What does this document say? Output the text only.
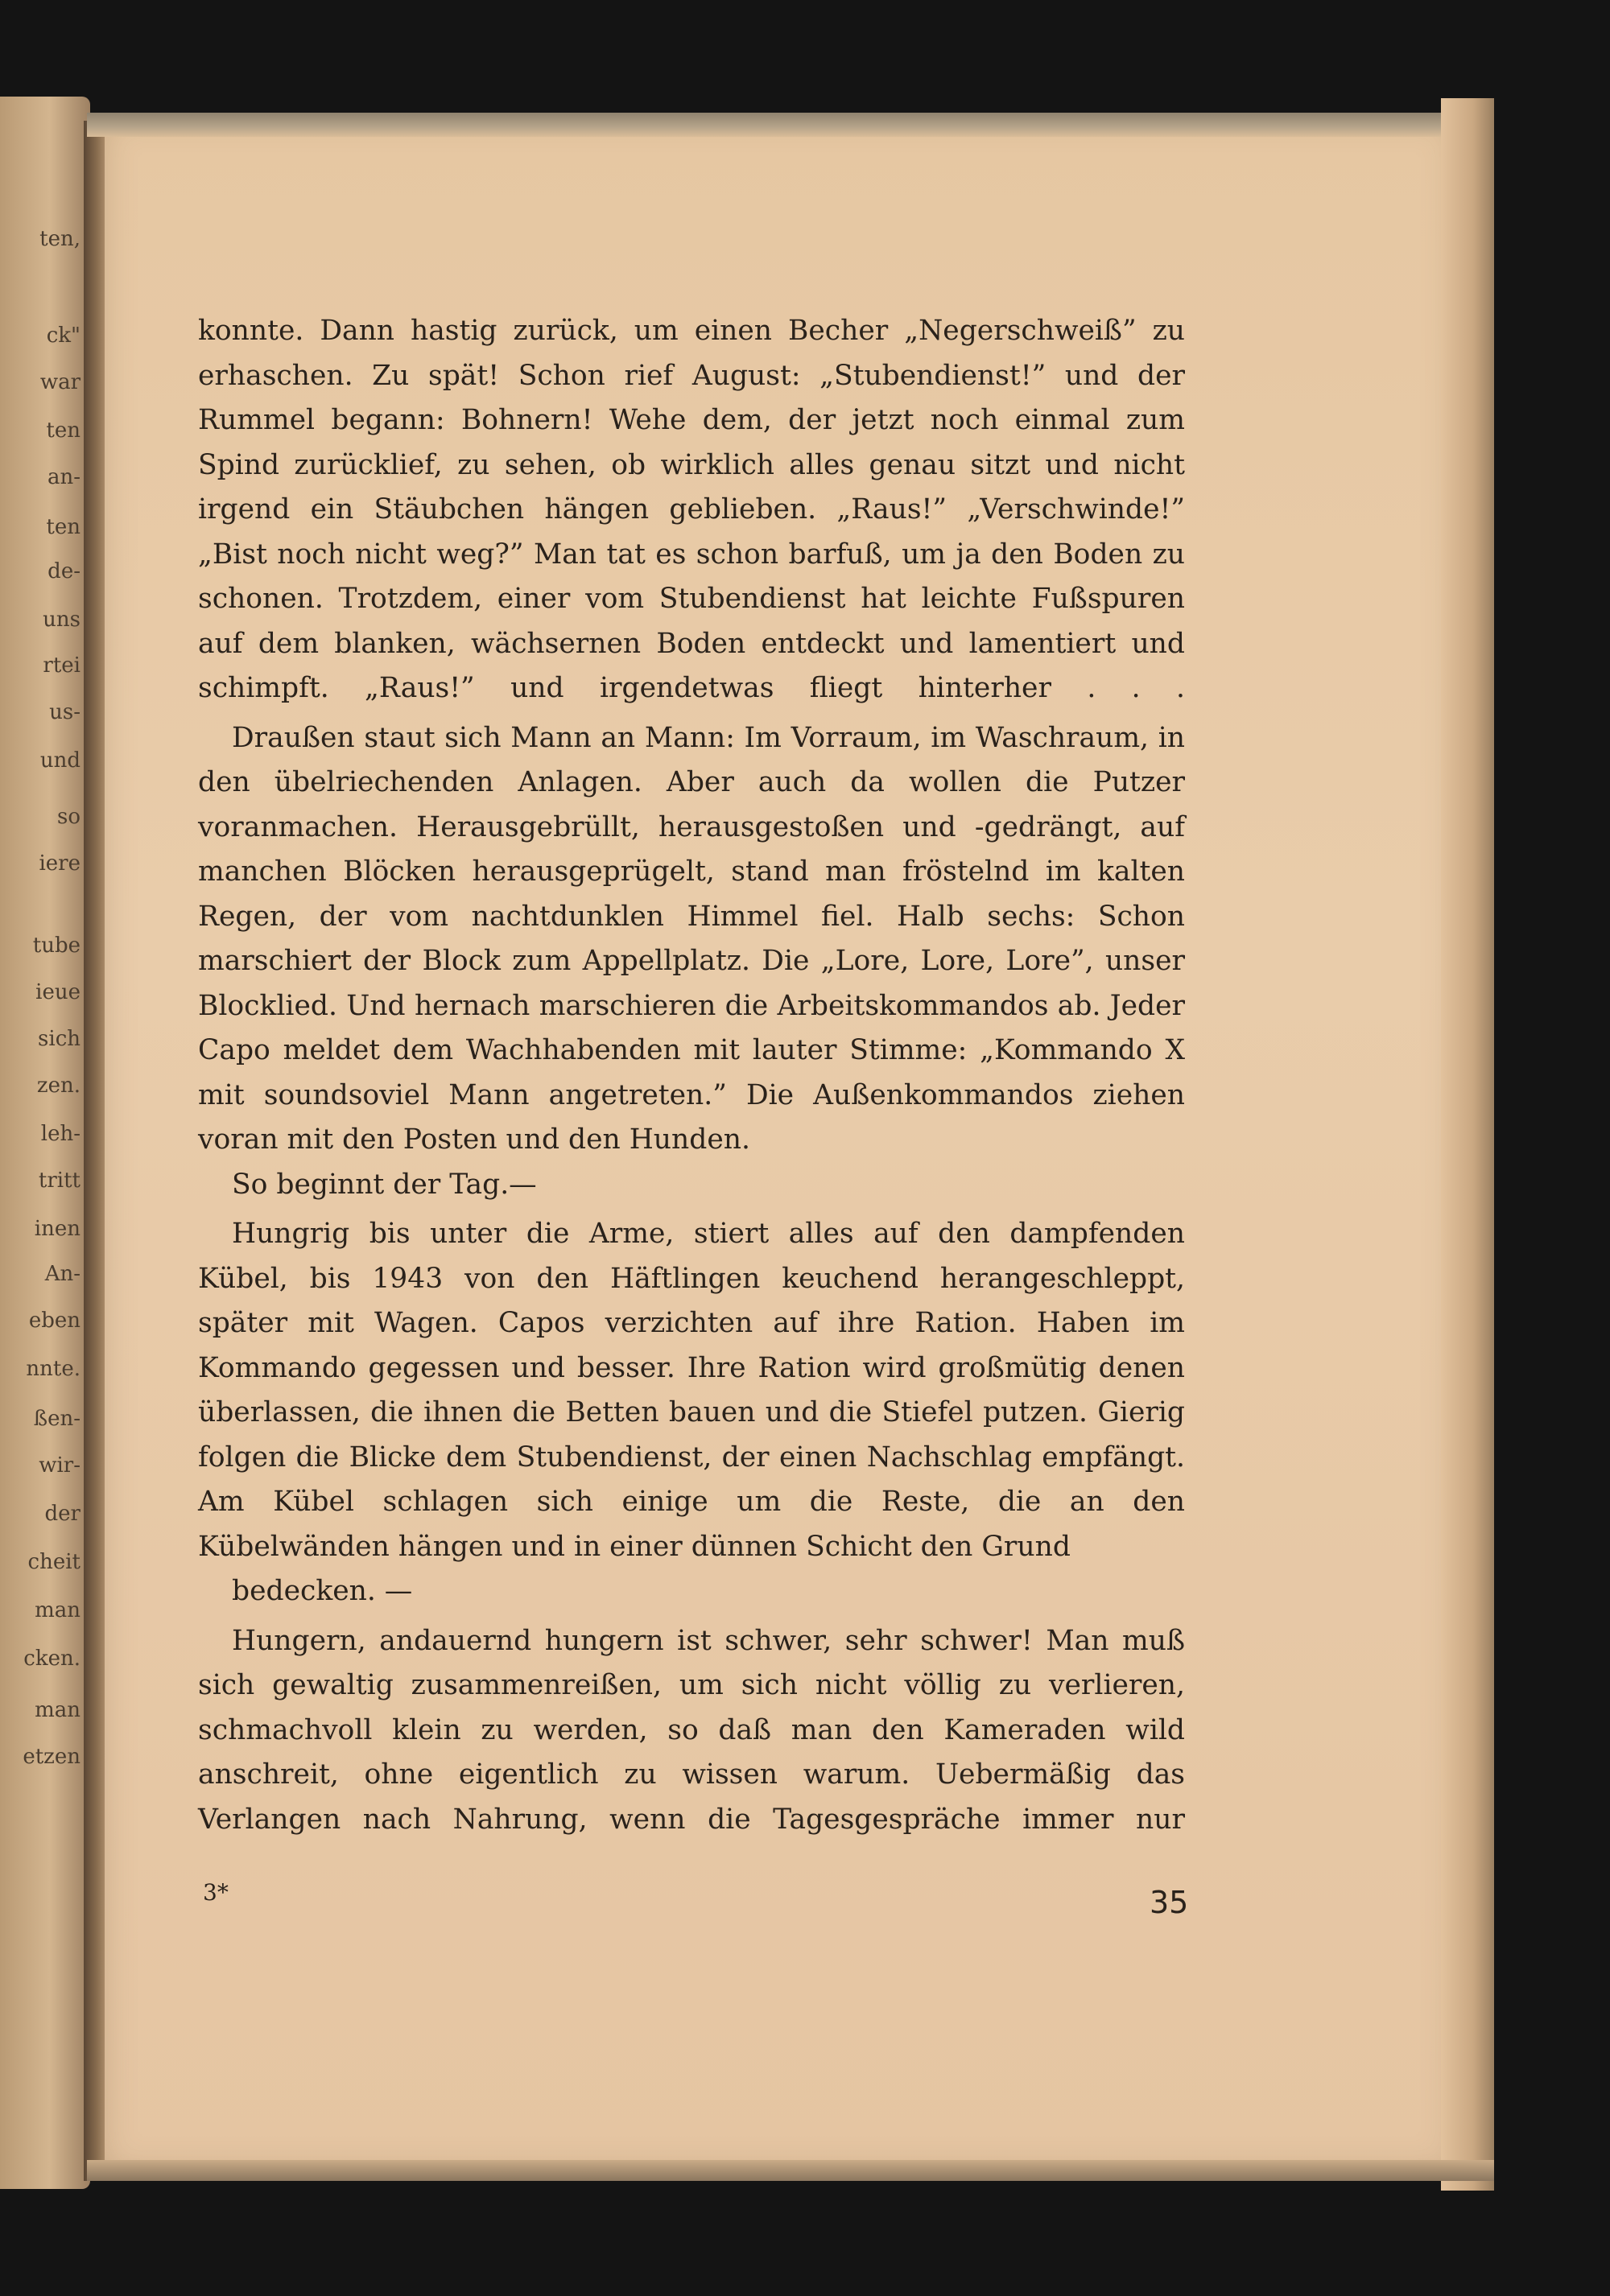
ten,
ck"
war
ten
an-
ten
de-
uns
rtei
us-
und
so
iere
tube
ieue
sich
zen.
leh-
tritt
inen
An-
eben
nnte.
ßen-
wir-
der
cheit
man
cken.
man
etzen

konnte. Dann hastig zurück, um einen Becher „Negerschweiß” zu erhaschen. Zu spät! Schon rief August: „Stubendienst!” und der Rummel begann: Bohnern! Wehe dem, der jetzt noch einmal zum Spind zurücklief, zu sehen, ob wirklich alles genau sitzt und nicht irgend ein Stäubchen hängen geblieben. „Raus!” „Verschwinde!” „Bist noch nicht weg?” Man tat es schon barfuß, um ja den Boden zu schonen. Trotzdem, einer vom Stubendienst hat leichte Fußspuren auf dem blanken, wächsernen Boden entdeckt und lamentiert und schimpft. „Raus!” und irgendetwas fliegt hinterher . . .

Draußen staut sich Mann an Mann: Im Vorraum, im Waschraum, in den übelriechenden Anlagen. Aber auch da wollen die Putzer voranmachen. Herausgebrüllt, herausgestoßen und -gedrängt, auf manchen Blöcken herausgeprügelt, stand man fröstelnd im kalten Regen, der vom nachtdunklen Himmel fiel. Halb sechs: Schon marschiert der Block zum Appellplatz. Die „Lore, Lore, Lore”, unser Blocklied. Und hernach marschieren die Arbeitskommandos ab. Jeder Capo meldet dem Wachhabenden mit lauter Stimme: „Kommando X mit soundsoviel Mann angetreten.” Die Außenkommandos ziehen voran mit den Posten und den Hunden.
So beginnt der Tag.—

Hungrig bis unter die Arme, stiert alles auf den dampfenden Kübel, bis 1943 von den Häftlingen keuchend herangeschleppt, später mit Wagen. Capos verzichten auf ihre Ration. Haben im Kommando gegessen und besser. Ihre Ration wird großmütig denen überlassen, die ihnen die Betten bauen und die Stiefel putzen. Gierig folgen die Blicke dem Stubendienst, der einen Nachschlag empfängt. Am Kübel schlagen sich einige um die Reste, die an den Kübelwänden hängen und in einer dünnen Schicht den Grund
bedecken. —

Hungern, andauernd hungern ist schwer, sehr schwer! Man muß sich gewaltig zusammenreißen, um sich nicht völlig zu verlieren, schmachvoll klein zu werden, so daß man den Kameraden wild anschreit, ohne eigentlich zu wissen warum. Uebermäßig das Verlangen nach Nahrung, wenn die Tagesgespräche immer nur

3*	35
